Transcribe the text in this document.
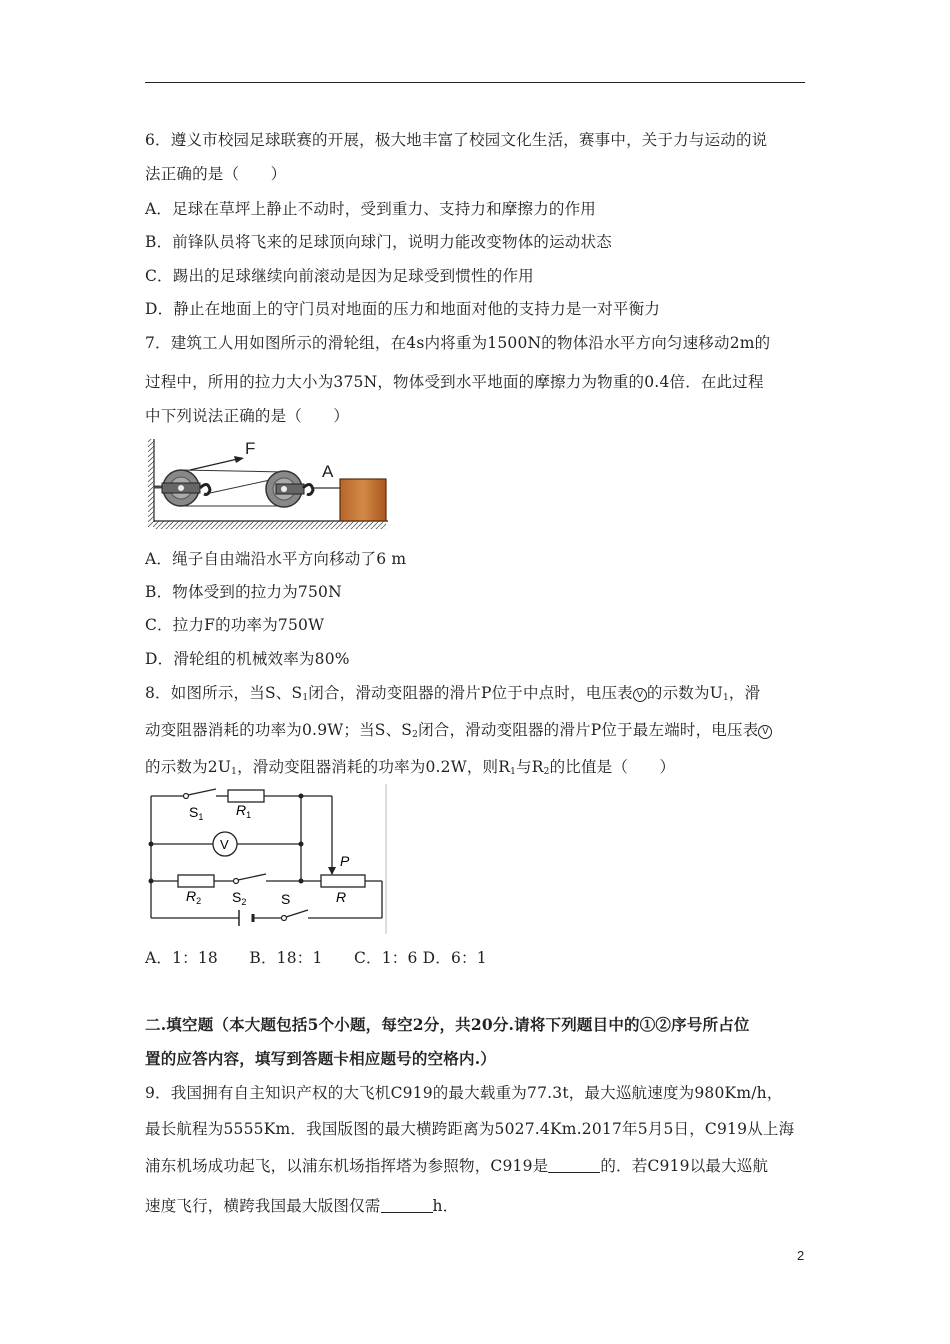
6．遵义市校园足球联赛的开展，极大地丰富了校园文化生活，赛事中，关于力与运动的说
法正确的是（　　）
A．足球在草坪上静止不动时，受到重力、支持力和摩擦力的作用
B．前锋队员将飞来的足球顶向球门，说明力能改变物体的运动状态
C．踢出的足球继续向前滚动是因为足球受到惯性的作用
D．静止在地面上的守门员对地面的压力和地面对他的支持力是一对平衡力
7．建筑工人用如图所示的滑轮组，在4s内将重为1500N的物体沿水平方向匀速移动2m的
过程中，所用的拉力大小为375N，物体受到水平地面的摩擦力为物重的0.4倍．在此过程
中下列说法正确的是（　　）
F
A
A．绳子自由端沿水平方向移动了6 m
B．物体受到的拉力为750N
C．拉力F的功率为750W
D．滑轮组的机械效率为80%
8．如图所示，当S、$S_1$闭合，滑动变阻器的滑片P位于中点时，电压表 V 的示数为$U_1$，滑
动变阻器消耗的功率为0.9W；当S、$S_2$闭合，滑动变阻器的滑片P位于最左端时，电压表 V
的示数为$2U_1$，滑动变阻器消耗的功率为0.2W，则$R_1$与$R_2$的比值是（　　）
V
$S_1$ $R_1$
P
$R_2$ $S_2$	R
S
A．1：18　　B．18：1　　C．1：6 D．6：1
二.填空题（本大题包括5个小题，每空2分，共20分.请将下列题目中的①②序号所占位
置的应答内容，填写到答题卡相应题号的空格内.）
9．我国拥有自主知识产权的大飞机C919的最大载重为77.3t，最大巡航速度为980Km/h，
最长航程为5555Km．我国版图的最大横跨距离为5027.4Km.2017年5月5日，C919从上海
浦东机场成功起飞，以浦东机场指挥塔为参照物，C919是	的．若C919以最大巡航
速度飞行，横跨我国最大版图仅需	h．
2
